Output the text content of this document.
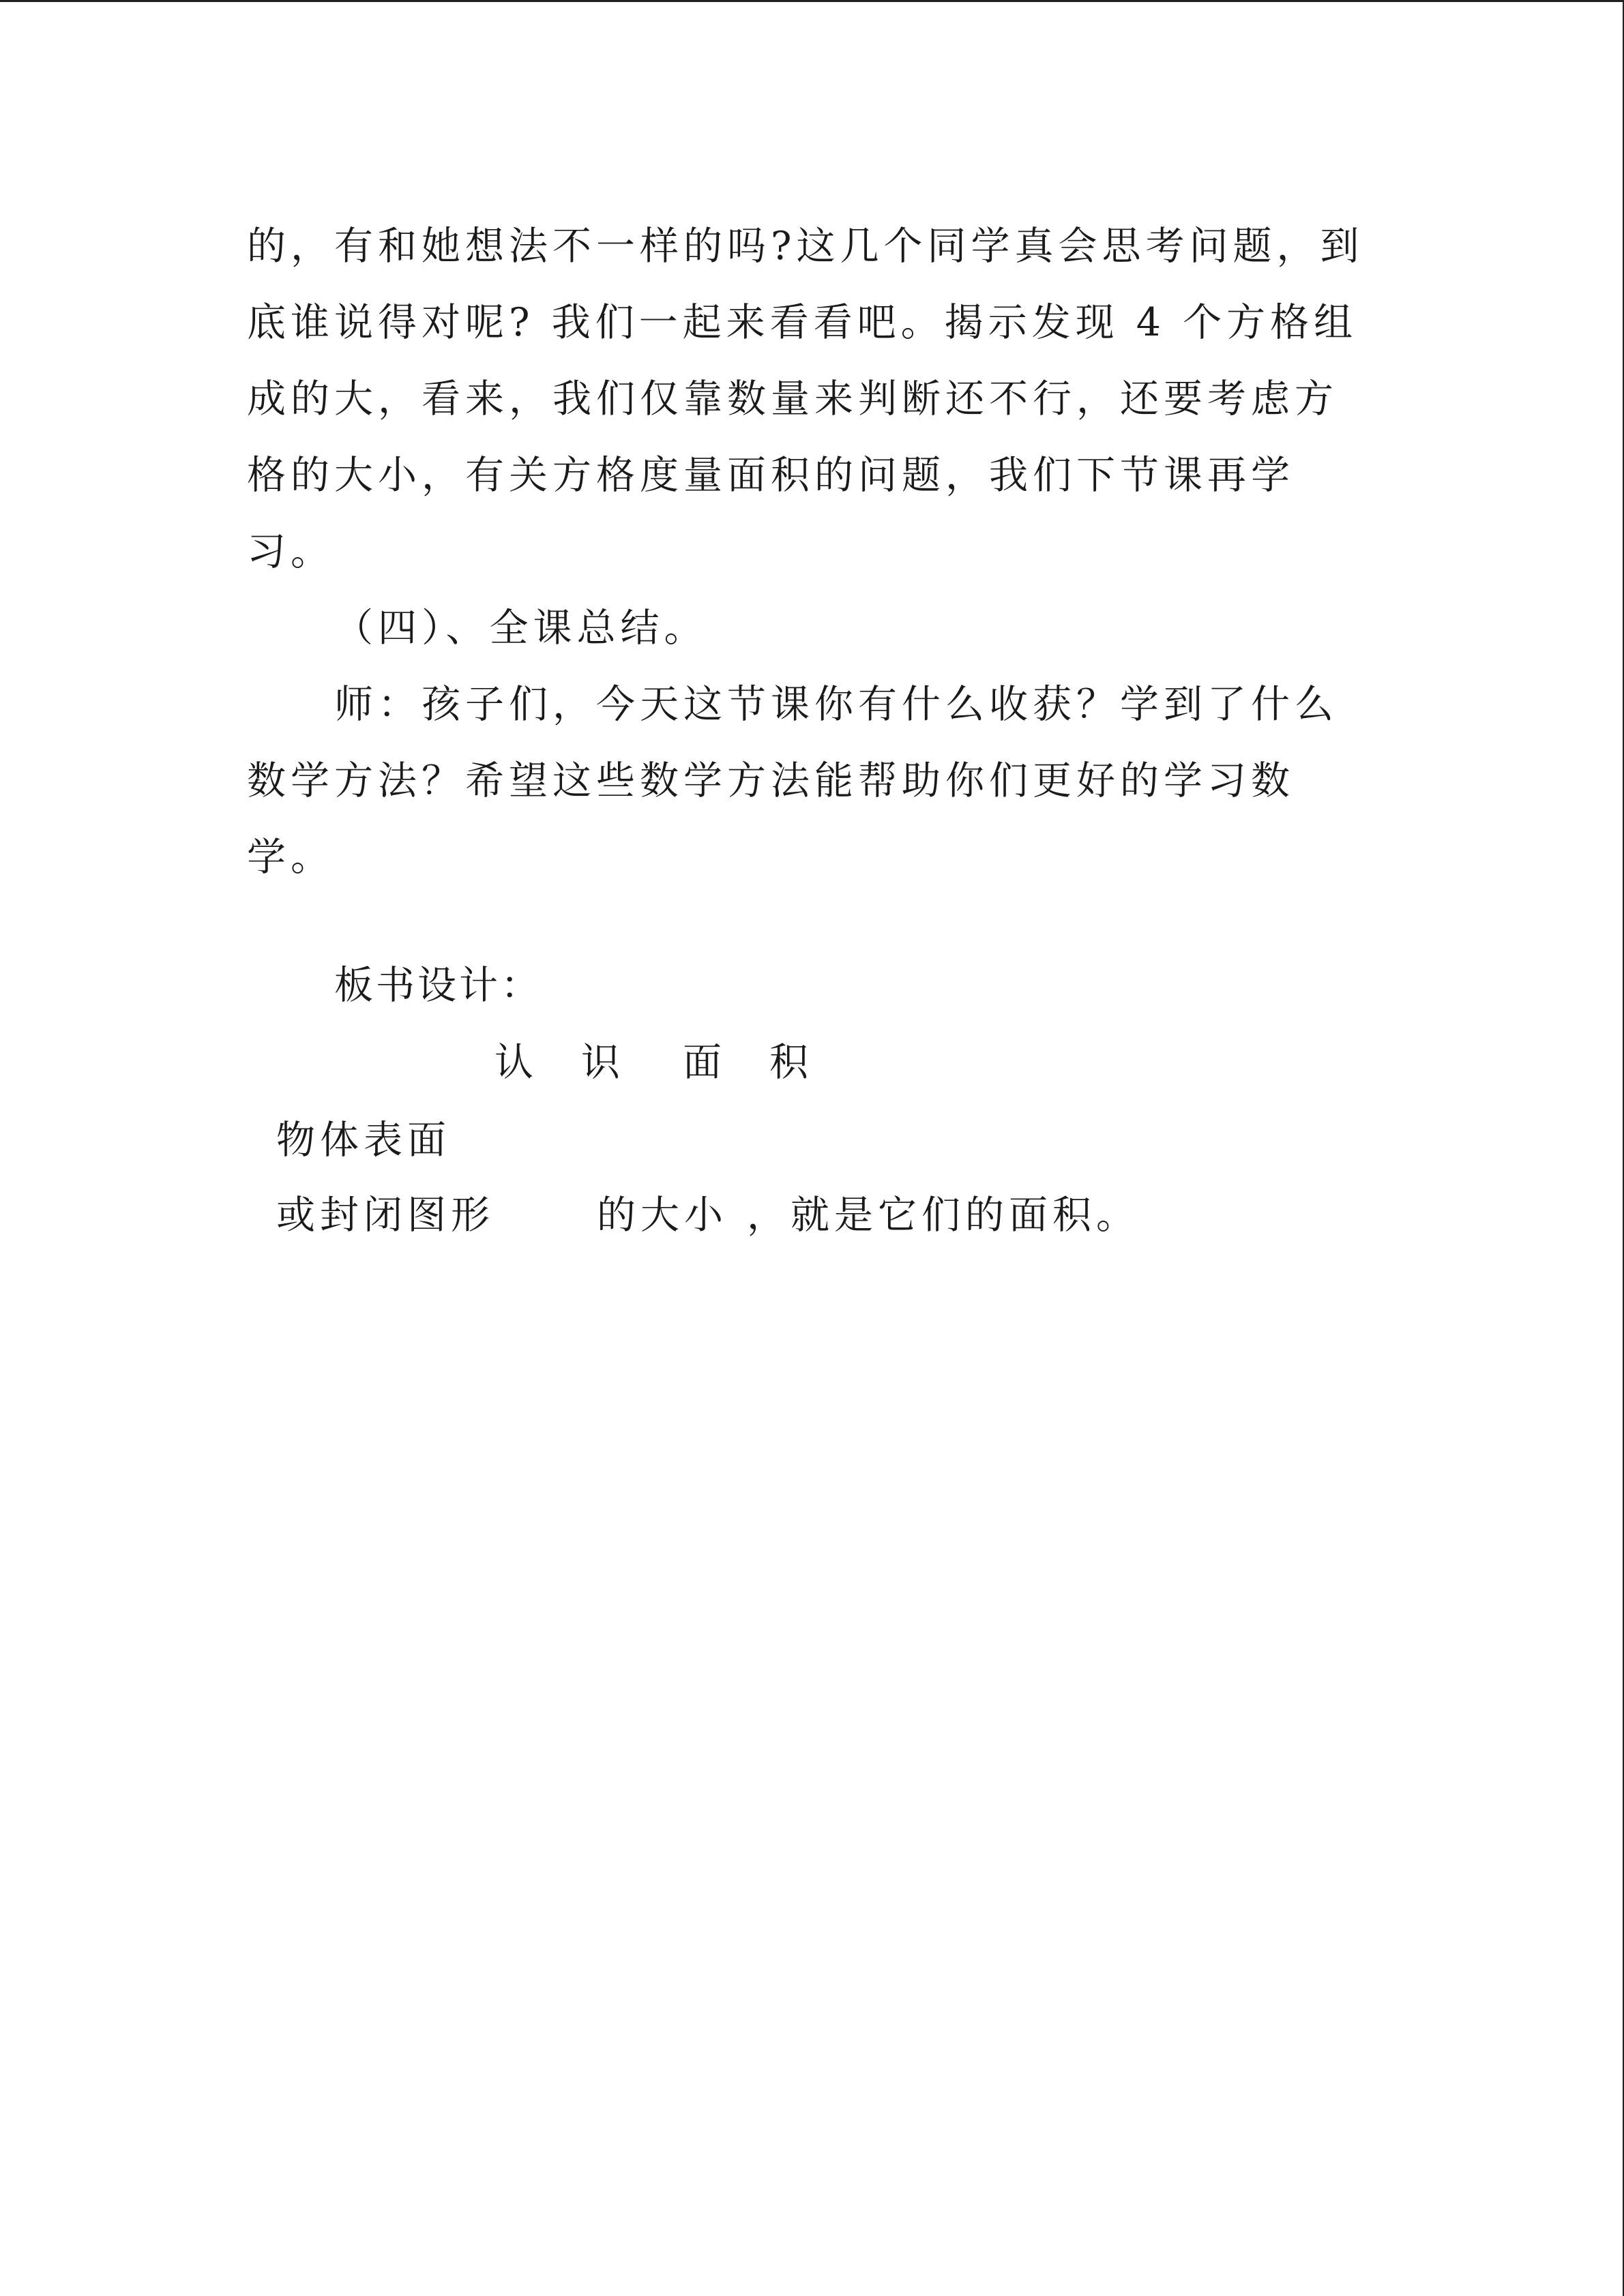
的，有和她想法不一样的吗?这几个同学真会思考问题，到
底谁说得对呢? 我们一起来看看吧。揭示发现 4 个方格组
成的大，看来，我们仅靠数量来判断还不行，还要考虑方
格的大小，有关方格度量面积的问题，我们下节课再学
习。
（四）、全课总结。
师：孩子们，今天这节课你有什么收获？学到了什么
数学方法？希望这些数学方法能帮助你们更好的学习数
学。
板书设计：
认 识 面 积
物体表面
或封闭图形	的大小 ，就是它们的面积。
